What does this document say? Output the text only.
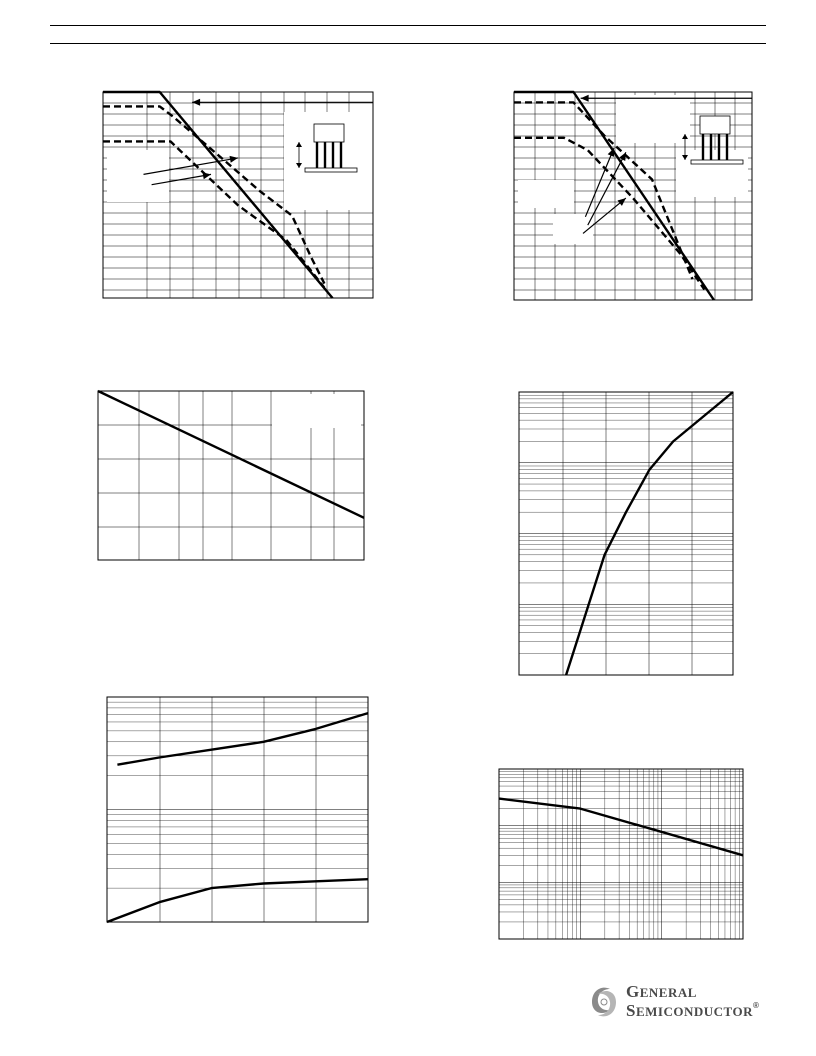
GENERAL
SEMICONDUCTOR®
